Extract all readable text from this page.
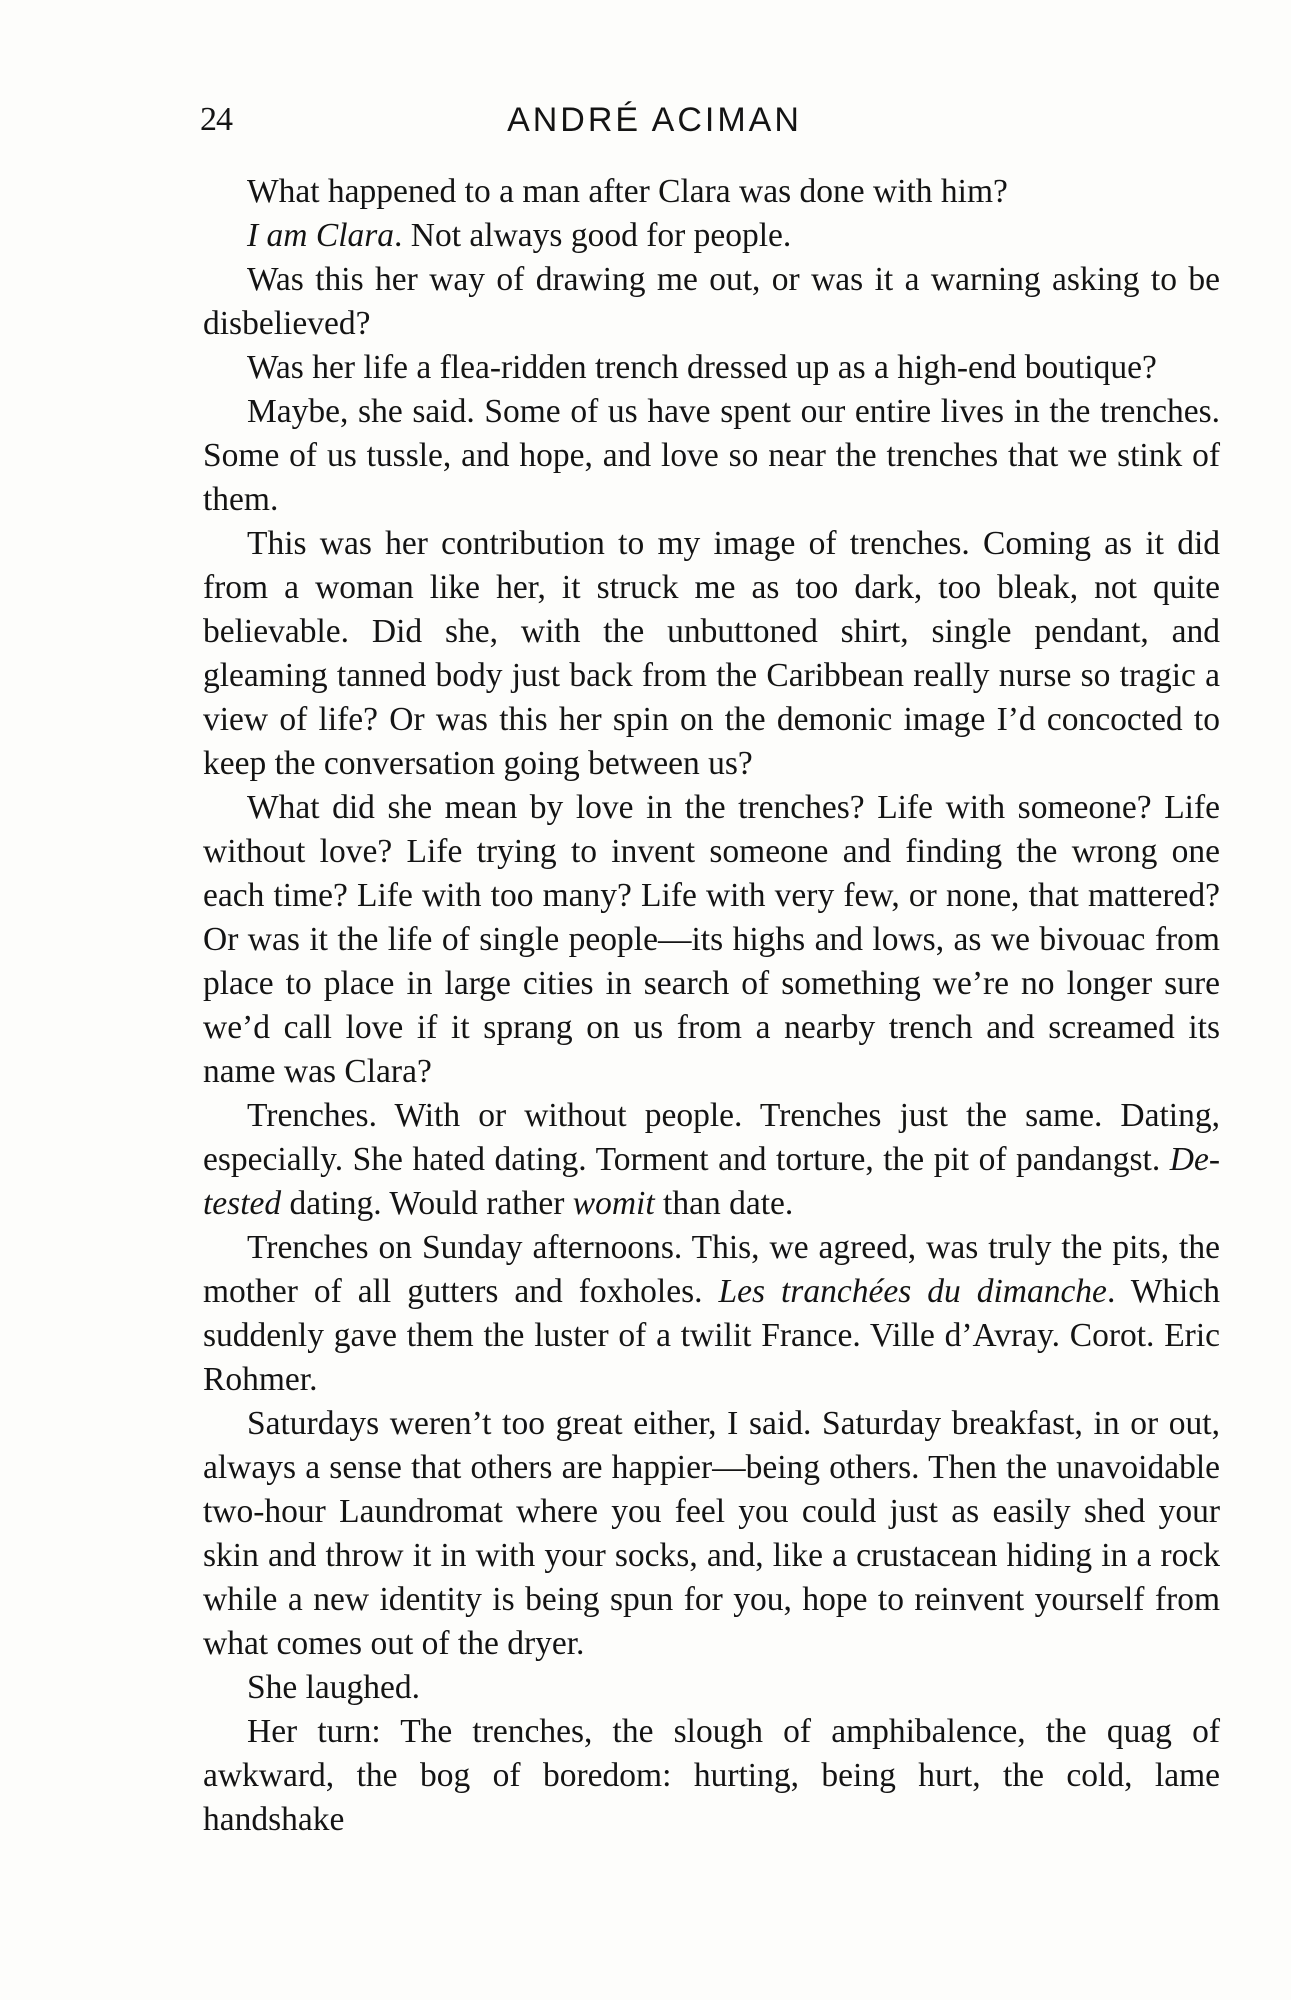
24	ANDRÉ ACIMAN

What happened to a man after Clara was done with him?

I am Clara. Not always good for people.

Was this her way of drawing me out, or was it a warning asking to be disbelieved?

Was her life a flea-ridden trench dressed up as a high-end boutique?

Maybe, she said. Some of us have spent our entire lives in the trenches. Some of us tussle, and hope, and love so near the trenches that we stink of them.

This was her contribution to my image of trenches. Coming as it did from a woman like her, it struck me as too dark, too bleak, not quite believable. Did she, with the unbuttoned shirt, single pendant, and gleaming tanned body just back from the Caribbean really nurse so tragic a view of life? Or was this her spin on the demonic image I’d concocted to keep the conversation going between us?

What did she mean by love in the trenches? Life with someone? Life without love? Life trying to invent someone and finding the wrong one each time? Life with too many? Life with very few, or none, that mattered? Or was it the life of single people—its highs and lows, as we bivouac from place to place in large cities in search of something we’re no longer sure we’d call love if it sprang on us from a nearby trench and screamed its name was Clara?

Trenches. With or without people. Trenches just the same. Dating, especially. She hated dating. Torment and torture, the pit of pandangst. De-tested dating. Would rather womit than date.

Trenches on Sunday afternoons. This, we agreed, was truly the pits, the mother of all gutters and foxholes. Les tranchées du dimanche. Which suddenly gave them the luster of a twilit France. Ville d’Avray. Corot. Eric Rohmer.

Saturdays weren’t too great either, I said. Saturday breakfast, in or out, always a sense that others are happier—being others. Then the unavoidable two-hour Laundromat where you feel you could just as easily shed your skin and throw it in with your socks, and, like a crustacean hiding in a rock while a new identity is being spun for you, hope to reinvent yourself from what comes out of the dryer.

She laughed.

Her turn: The trenches, the slough of amphibalence, the quag of awkward, the bog of boredom: hurting, being hurt, the cold, lame handshake
